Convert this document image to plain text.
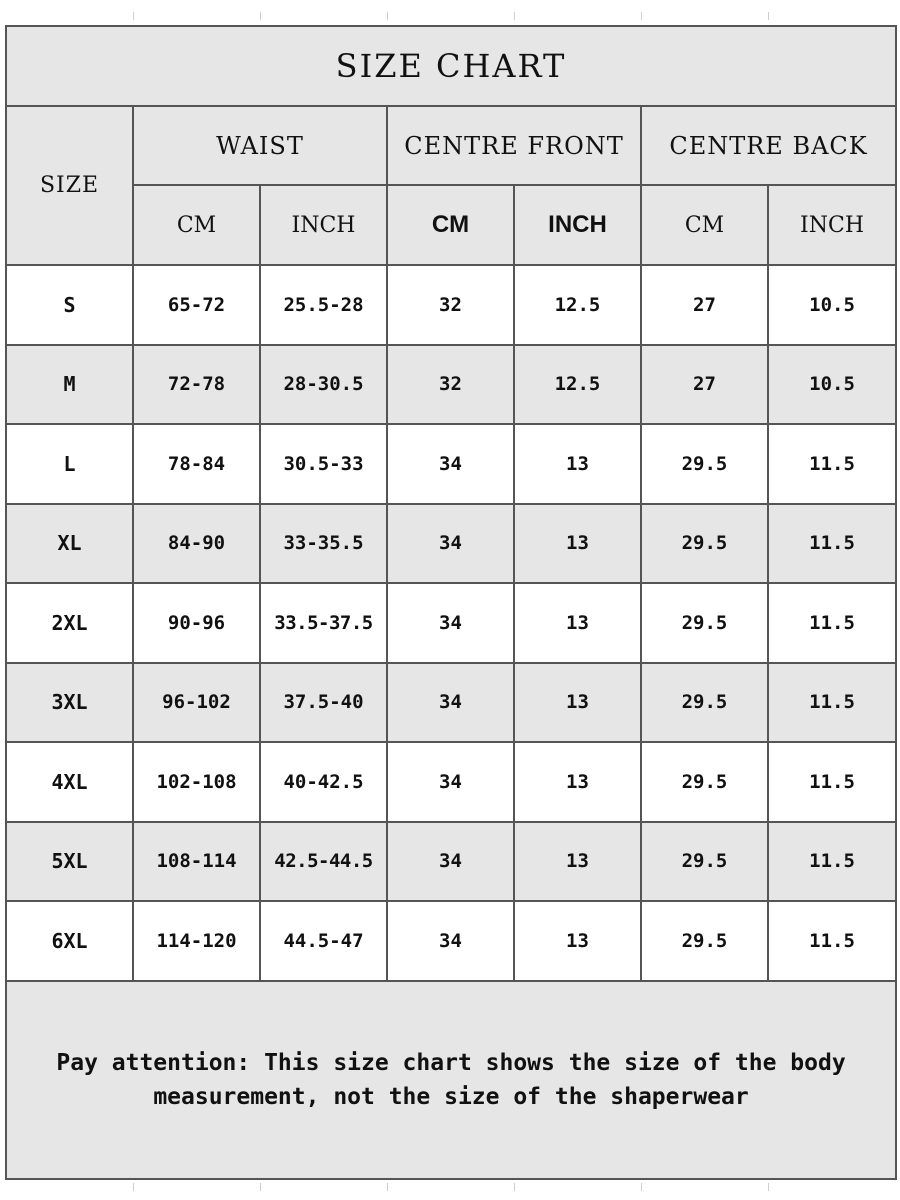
SIZE CHART						
SIZE	WAIST		CENTRE FRONT		CENTRE BACK	
	CM	INCH	CM	INCH	CM	INCH
S	65-72	25.5-28	32	12.5	27	10.5
M	72-78	28-30.5	32	12.5	27	10.5
L	78-84	30.5-33	34	13	29.5	11.5
XL	84-90	33-35.5	34	13	29.5	11.5
2XL	90-96	33.5-37.5	34	13	29.5	11.5
3XL	96-102	37.5-40	34	13	29.5	11.5
4XL	102-108	40-42.5	34	13	29.5	11.5
5XL	108-114	42.5-44.5	34	13	29.5	11.5
6XL	114-120	44.5-47	34	13	29.5	11.5
Pay attention: This size chart shows the size of the body measurement, not the size of the shaperwear						
